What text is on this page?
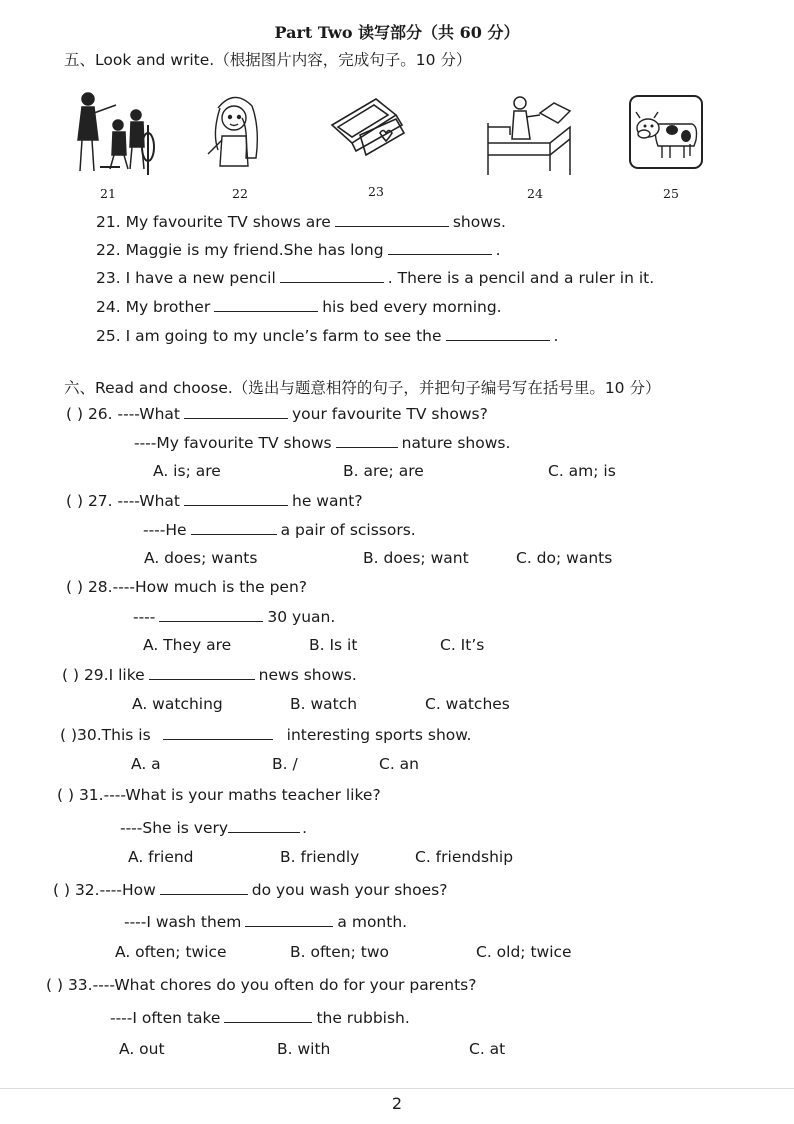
Part Two 读写部分（共 60 分）
五、Look and write.（根据图片内容，完成句子。10 分）
21	22	23	24	25
21. My favourite TV shows are	shows.
22. Maggie is my friend.She has long	.
23. I have a new pencil	. There is a pencil and a ruler in it.
24. My brother	his bed every morning.
25. I am going to my uncle’s farm to see the	.
六、Read and choose.（选出与题意相符的句子，并把句子编号写在括号里。10 分）
( ) 26. ----What	your favourite TV shows?
----My favourite TV shows	nature shows.
A. is; are	B. are; are	C. am; is
( ) 27. ----What	he want?
----He	a pair of scissors.
A. does; wants	B. does; want	C. do; wants
( ) 28.----How much is the pen?
----	30 yuan.
A. They are	B. Is it	C. It’s
( ) 29.I like	news shows.
A. watching	B. watch	C. watches
( )30.This is	interesting sports show.
A. a	B. /	C. an
( ) 31.----What is your maths teacher like?
----She is very	.
A. friend	B. friendly	C. friendship
( ) 32.----How	do you wash your shoes?
----I wash them	a month.
A. often; twice	B. often; two	C. old; twice
( ) 33.----What chores do you often do for your parents?
----I often take	the rubbish.
A. out	B. with	C. at
2
